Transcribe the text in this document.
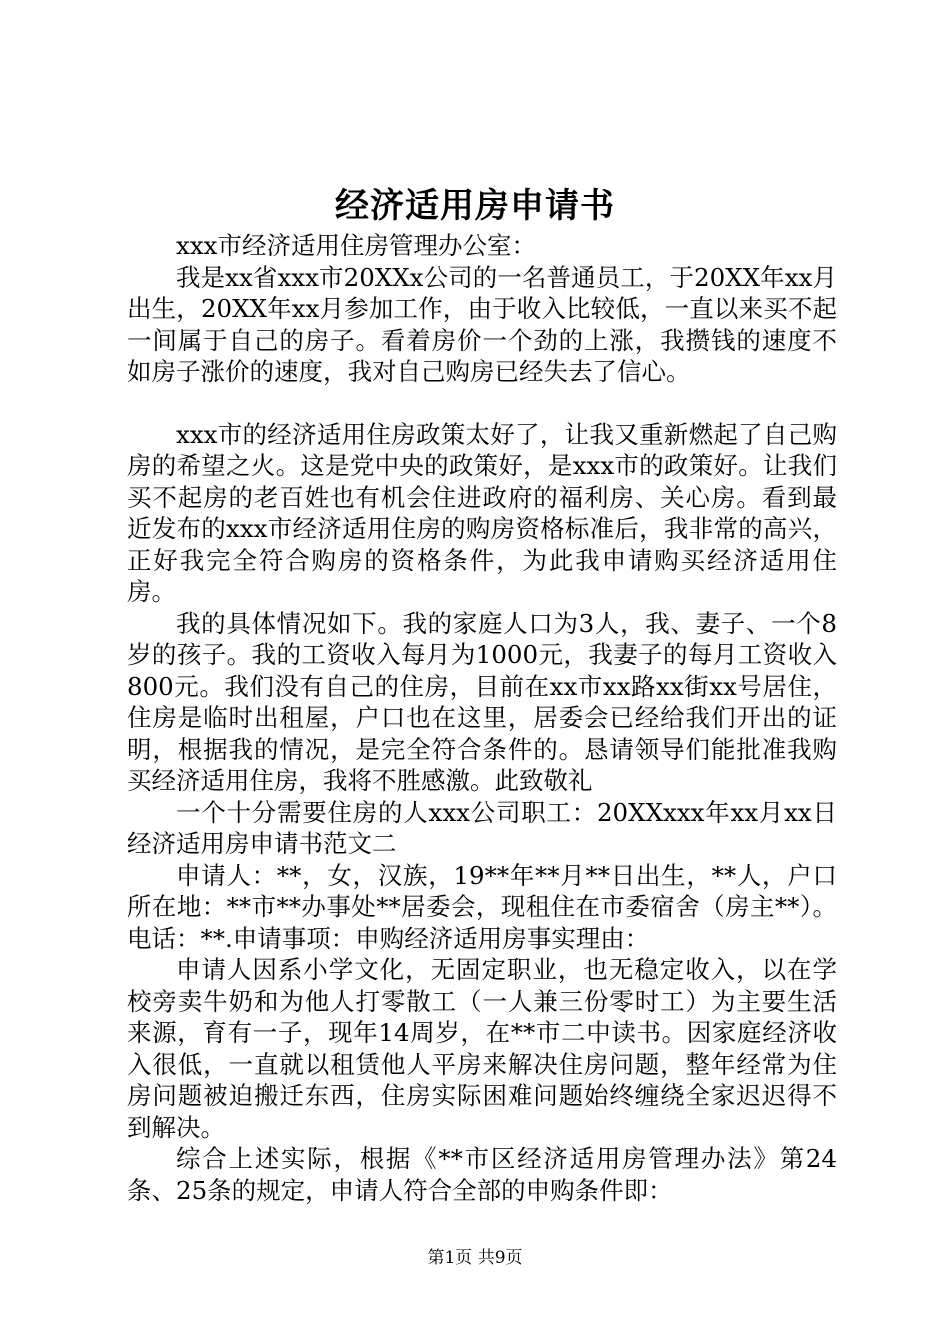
经济适用房申请书

xxx市经济适用住房管理办公室：

我是xx省xxx市20XXx公司的一名普通员工，于20XX年xx月出生，20XX年xx月参加工作，由于收入比较低，一直以来买不起一间属于自己的房子。看着房价一个劲的上涨，我攒钱的速度不如房子涨价的速度，我对自己购房已经失去了信心。

xxx市的经济适用住房政策太好了，让我又重新燃起了自己购房的希望之火。这是党中央的政策好，是xxx市的政策好。让我们买不起房的老百姓也有机会住进政府的福利房、关心房。看到最近发布的xxx市经济适用住房的购房资格标准后，我非常的高兴，正好我完全符合购房的资格条件，为此我申请购买经济适用住房。

我的具体情况如下。我的家庭人口为3人，我、妻子、一个8岁的孩子。我的工资收入每月为1000元，我妻子的每月工资收入800元。我们没有自己的住房，目前在xx市xx路xx街xx号居住，住房是临时出租屋，户口也在这里，居委会已经给我们开出的证明，根据我的情况，是完全符合条件的。恳请领导们能批准我购买经济适用住房，我将不胜感激。此致敬礼

一个十分需要住房的人xxx公司职工：20XXxxx年xx月xx日经济适用房申请书范文二

申请人：**，女，汉族，19**年**月**日出生，**人，户口所在地：**市**办事处**居委会，现租住在市委宿舍（房主**）。电话：**.申请事项：申购经济适用房事实理由：

申请人因系小学文化，无固定职业，也无稳定收入，以在学校旁卖牛奶和为他人打零散工（一人兼三份零时工）为主要生活来源，育有一子，现年14周岁，在**市二中读书。因家庭经济收入很低，一直就以租赁他人平房来解决住房问题，整年经常为住房问题被迫搬迁东西，住房实际困难问题始终缠绕全家迟迟得不到解决。

综合上述实际，根据《**市区经济适用房管理办法》第24条、25条的规定，申请人符合全部的申购条件即：

第1页 共9页
